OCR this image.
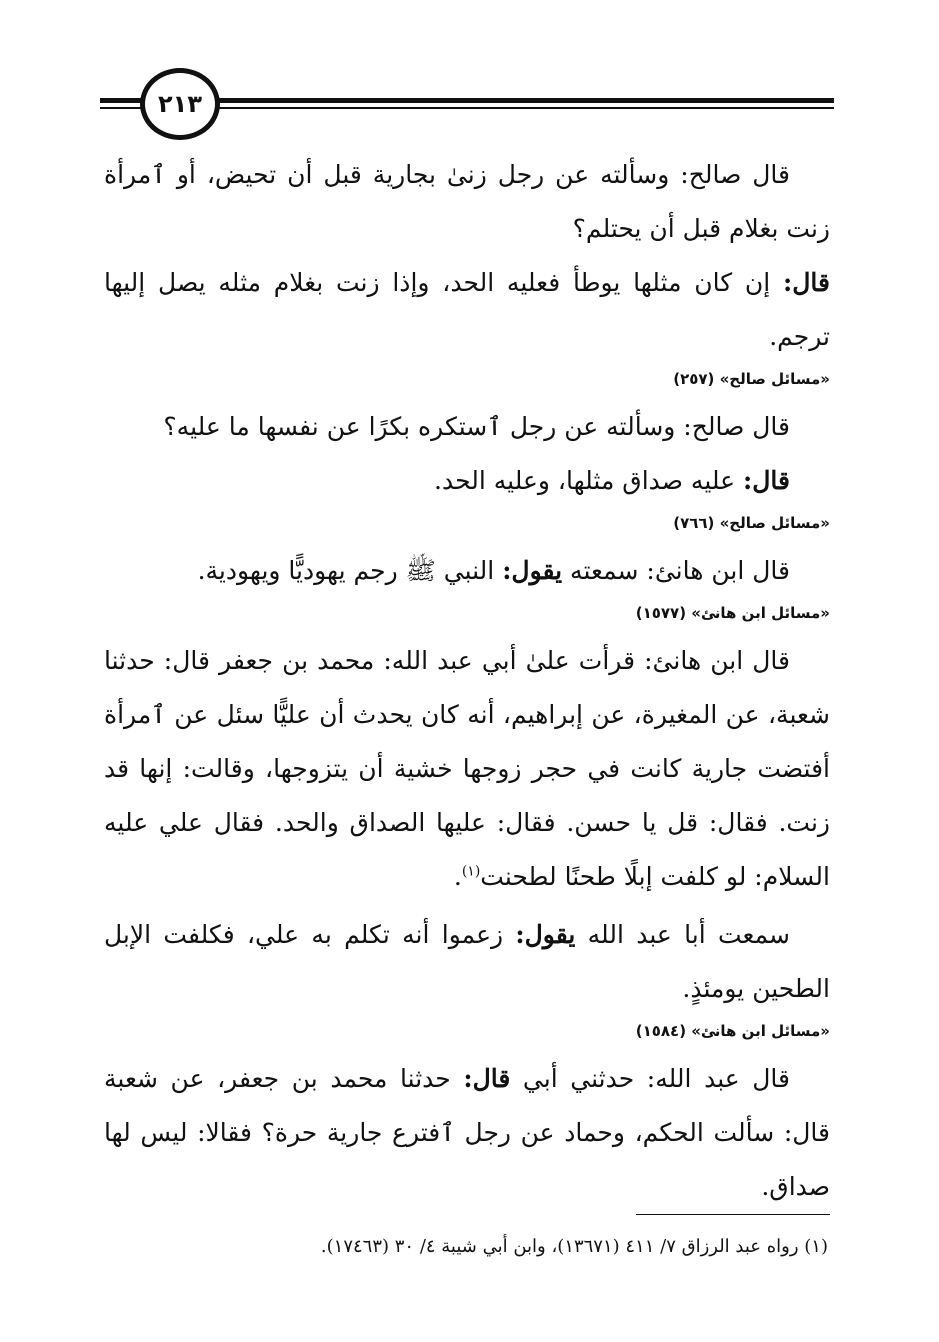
٢١٣

قال صالح: وسألته عن رجل زنىٰ بجارية قبل أن تحيض، أو ٱمرأة زنت بغلام قبل أن يحتلم؟

قال: إن كان مثلها يوطأ فعليه الحد، وإذا زنت بغلام مثله يصل إليها ترجم.

«مسائل صالح» (٢٥٧)

قال صالح: وسألته عن رجل ٱستكره بكرًا عن نفسها ما عليه؟

قال: عليه صداق مثلها، وعليه الحد.

«مسائل صالح» (٧٦٦)

قال ابن هانئ: سمعته يقول: النبي ﷺ رجم يهوديًّا ويهودية.

«مسائل ابن هانئ» (١٥٧٧)

قال ابن هانئ: قرأت علىٰ أبي عبد الله: محمد بن جعفر قال: حدثنا شعبة، عن المغيرة، عن إبراهيم، أنه كان يحدث أن عليًّا سئل عن ٱمرأة أفتضت جارية كانت في حجر زوجها خشية أن يتزوجها، وقالت: إنها قد زنت. فقال: قل يا حسن. فقال: عليها الصداق والحد. فقال علي عليه السلام: لو كلفت إبلًا طحنًا لطحنت$^{(١)}$.

سمعت أبا عبد الله يقول: زعموا أنه تكلم به علي، فكلفت الإبل الطحين يومئذٍ.

«مسائل ابن هانئ» (١٥٨٤)

قال عبد الله: حدثني أبي قال: حدثنا محمد بن جعفر، عن شعبة قال: سألت الحكم، وحماد عن رجل ٱفترع جارية حرة؟ فقالا: ليس لها صداق.

(١) رواه عبد الرزاق ٧/ ٤١١ (١٣٦٧١)، وابن أبي شيبة ٤/ ٣٠ (١٧٤٦٣).
